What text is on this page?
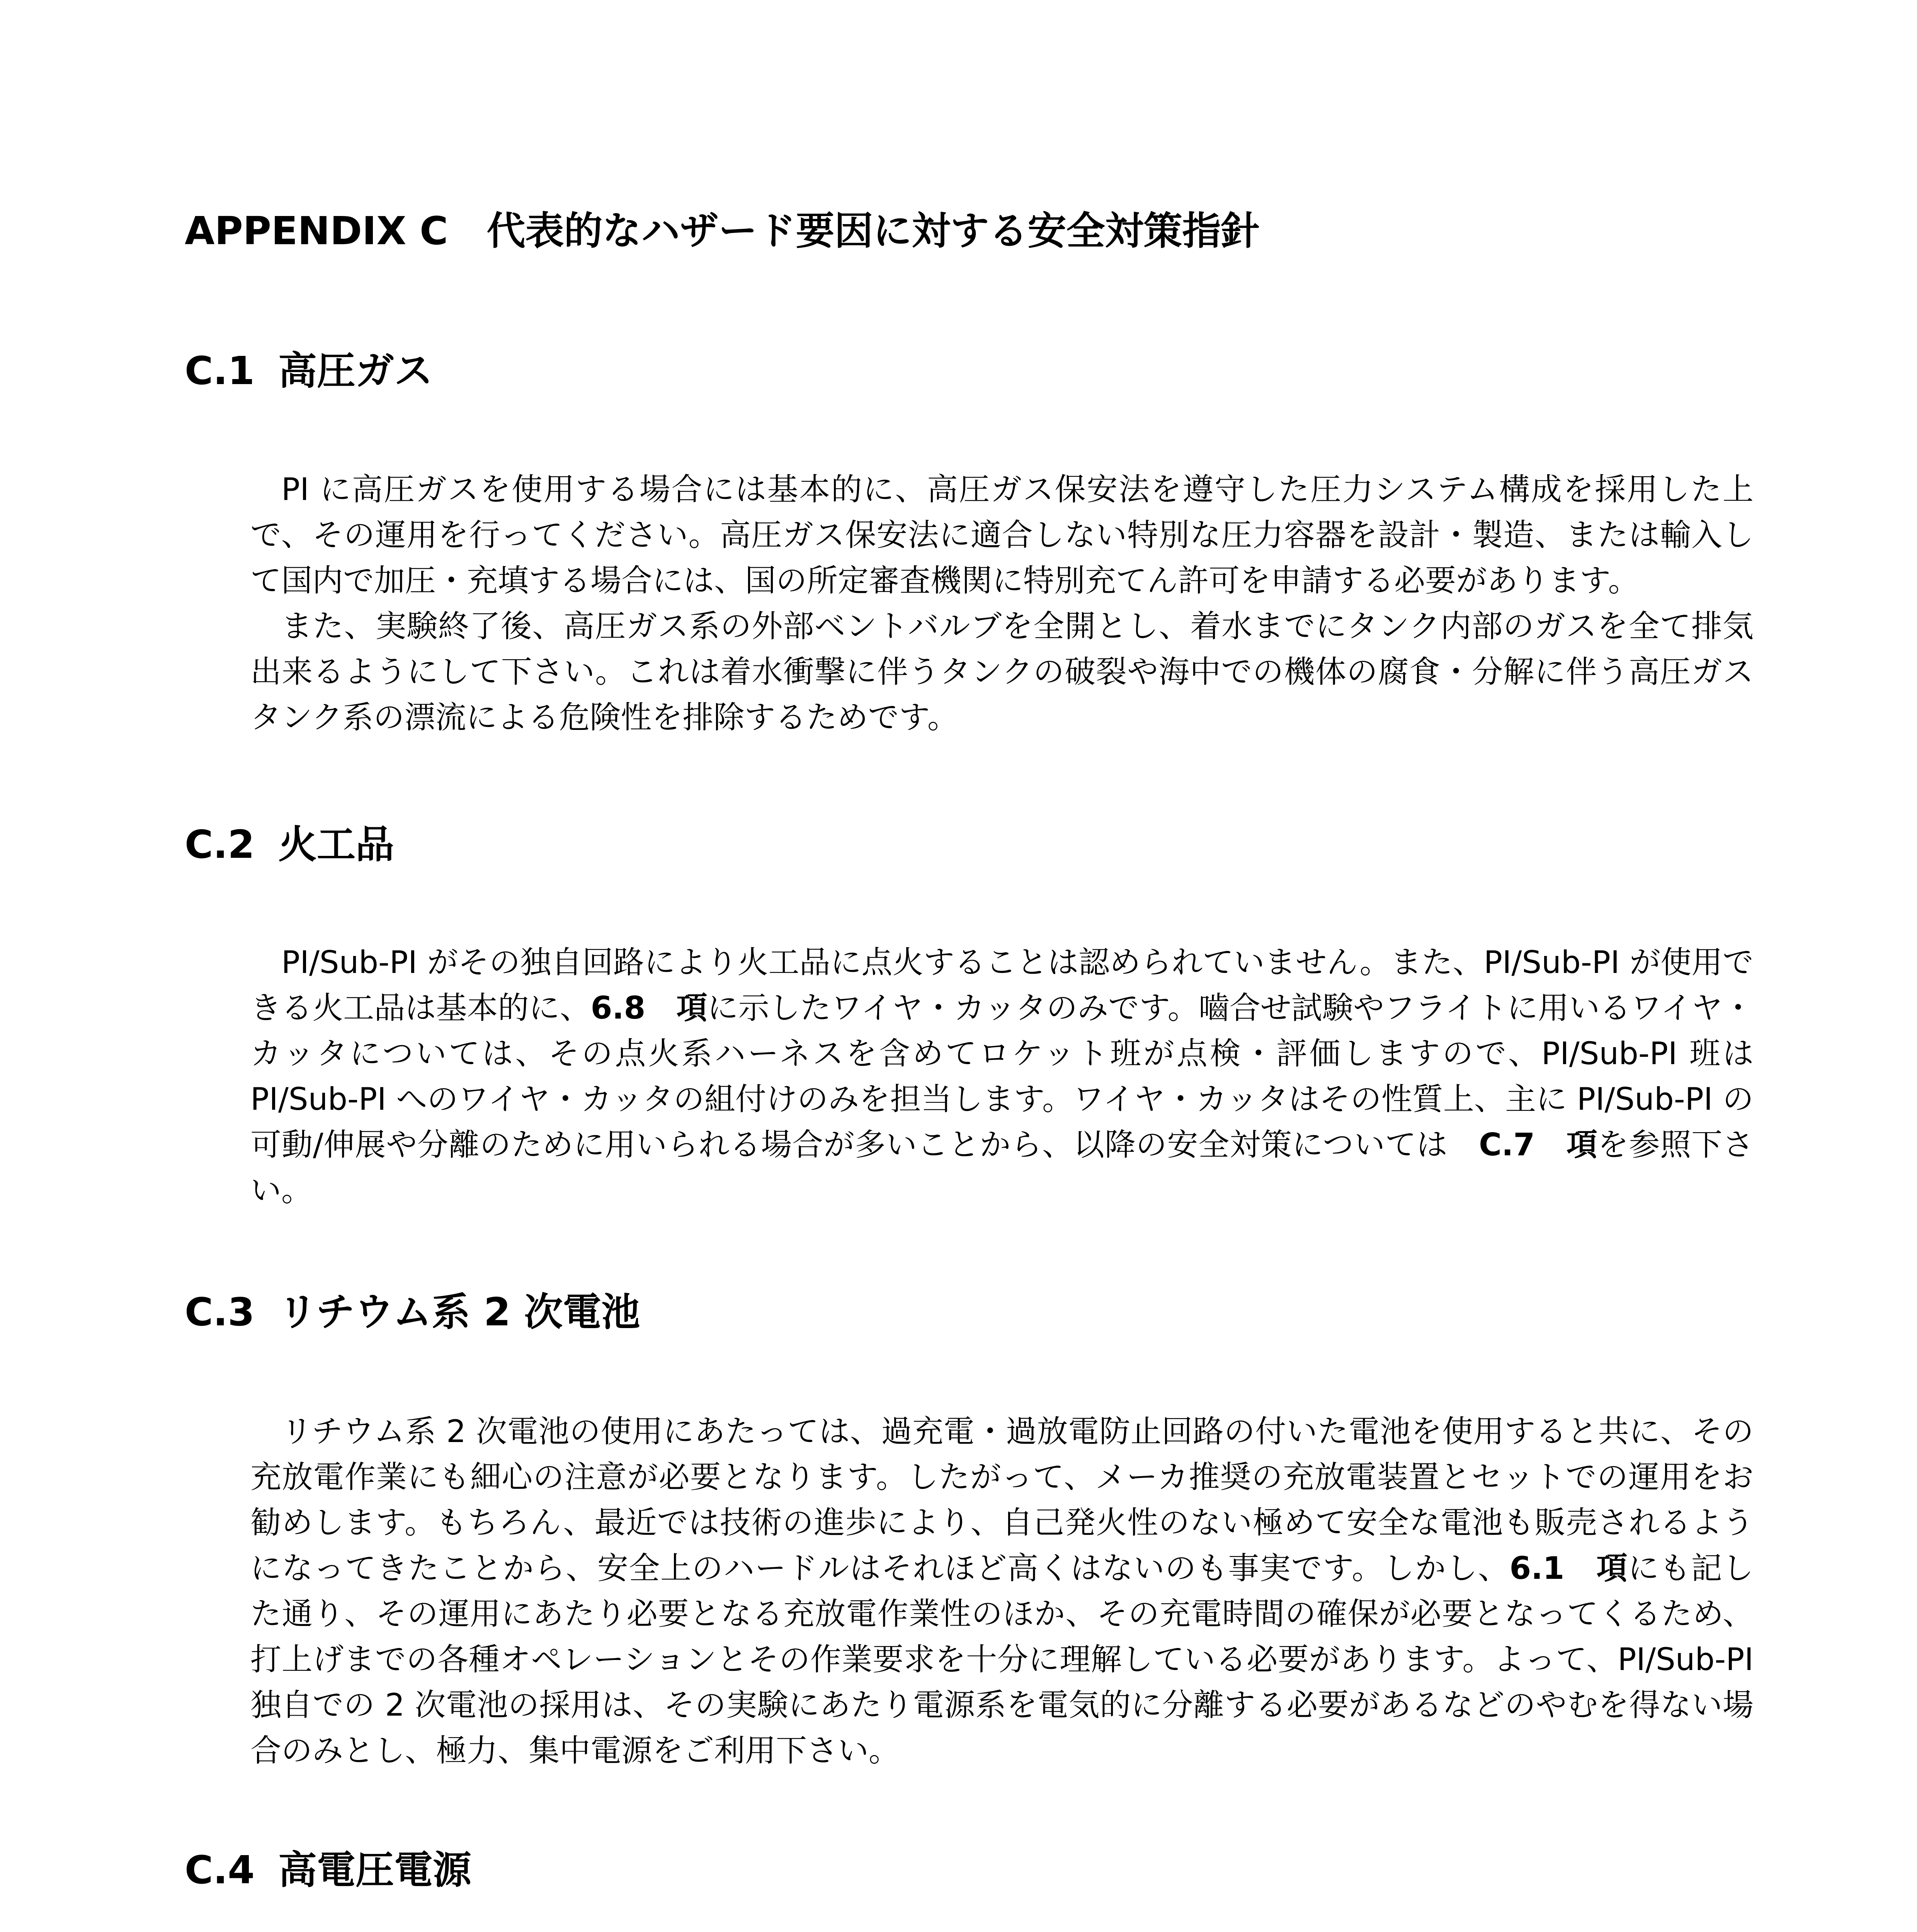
APPENDIX C　代表的なハザード要因に対する安全対策指針
C.1 高圧ガス

PI に高圧ガスを使用する場合には基本的に、高圧ガス保安法を遵守した圧力システム構成を採用した上で、その運用を行ってください。高圧ガス保安法に適合しない特別な圧力容器を設計・製造、または輸入して国内で加圧・充填する場合には、国の所定審査機関に特別充てん許可を申請する必要があります。

また、実験終了後、高圧ガス系の外部ベントバルブを全開とし、着水までにタンク内部のガスを全て排気出来るようにして下さい。これは着水衝撃に伴うタンクの破裂や海中での機体の腐食・分解に伴う高圧ガスタンク系の漂流による危険性を排除するためです。

C.2 火工品

PI/Sub-PI がその独自回路により火工品に点火することは認められていません。また、PI/Sub-PI が使用できる火工品は基本的に、6.8　項に示したワイヤ・カッタのみです。嚙合せ試験やフライトに用いるワイヤ・カッタについては、その点火系ハーネスを含めてロケット班が点検・評価しますので、PI/Sub-PI 班は PI/Sub-PI へのワイヤ・カッタの組付けのみを担当します。ワイヤ・カッタはその性質上、主に PI/Sub-PI の可動/伸展や分離のために用いられる場合が多いことから、以降の安全対策については　C.7　項を参照下さい。

C.3 リチウム系 2 次電池

リチウム系 2 次電池の使用にあたっては、過充電・過放電防止回路の付いた電池を使用すると共に、その充放電作業にも細心の注意が必要となります。したがって、メーカ推奨の充放電装置とセットでの運用をお勧めします。もちろん、最近では技術の進歩により、自己発火性のない極めて安全な電池も販売されるようになってきたことから、安全上のハードルはそれほど高くはないのも事実です。しかし、6.1　項にも記した通り、その運用にあたり必要となる充放電作業性のほか、その充電時間の確保が必要となってくるため、打上げまでの各種オペレーションとその作業要求を十分に理解している必要があります。よって、PI/Sub-PI 独自での 2 次電池の採用は、その実験にあたり電源系を電気的に分離する必要があるなどのやむを得ない場合のみとし、極力、集中電源をご利用下さい。

C.4 高電圧電源
